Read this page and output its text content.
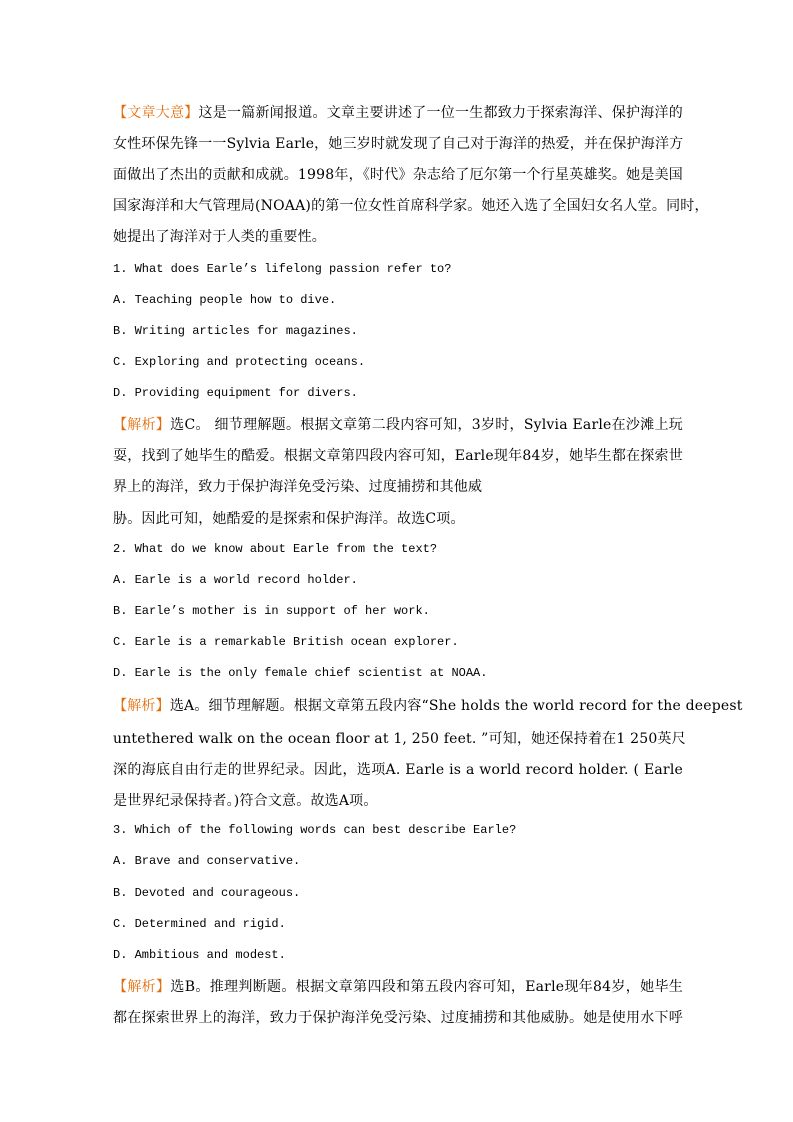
【文章大意】这是一篇新闻报道。文章主要讲述了一位一生都致力于探索海洋、保护海洋的
女性环保先锋一一Sylvia Earle，她三岁时就发现了自己对于海洋的热爱，并在保护海洋方
面做出了杰出的贡献和成就。1998年，《时代》杂志给了厄尔第一个行星英雄奖。她是美国
国家海洋和大气管理局(NOAA)的第一位女性首席科学家。她还入选了全国妇女名人堂。同时，
她提出了海洋对于人类的重要性。
1. What does Earle’s lifelong passion refer to?
A. Teaching people how to dive.
B. Writing articles for magazines.
C. Exploring and protecting oceans.
D. Providing equipment for divers.
【解析】选C。 细节理解题。根据文章第二段内容可知，3岁时，Sylvia Earle在沙滩上玩
耍，找到了她毕生的酷爱。根据文章第四段内容可知，Earle现年84岁，她毕生都在探索世
界上的海洋，致力于保护海洋免受污染、过度捕捞和其他威
胁。因此可知，她酷爱的是探索和保护海洋。故选C项。
2. What do we know about Earle from the text?
A. Earle is a world record holder.
B. Earle’s mother is in support of her work.
C. Earle is a remarkable British ocean explorer.
D. Earle is the only female chief scientist at NOAA.
【解析】选A。细节理解题。根据文章第五段内容“She holds the world record for the deepest
untethered walk on the ocean floor at 1, 250 feet. ”可知，她还保持着在1 250英尺
深的海底自由行走的世界纪录。因此，选项A. Earle is a world record holder. ( Earle
是世界纪录保持者。)符合文意。故选A项。
3. Which of the following words can best describe Earle?
A. Brave and conservative.
B. Devoted and courageous.
C. Determined and rigid.
D. Ambitious and modest.
【解析】选B。推理判断题。根据文章第四段和第五段内容可知，Earle现年84岁，她毕生
都在探索世界上的海洋，致力于保护海洋免受污染、过度捕捞和其他威胁。她是使用水下呼
